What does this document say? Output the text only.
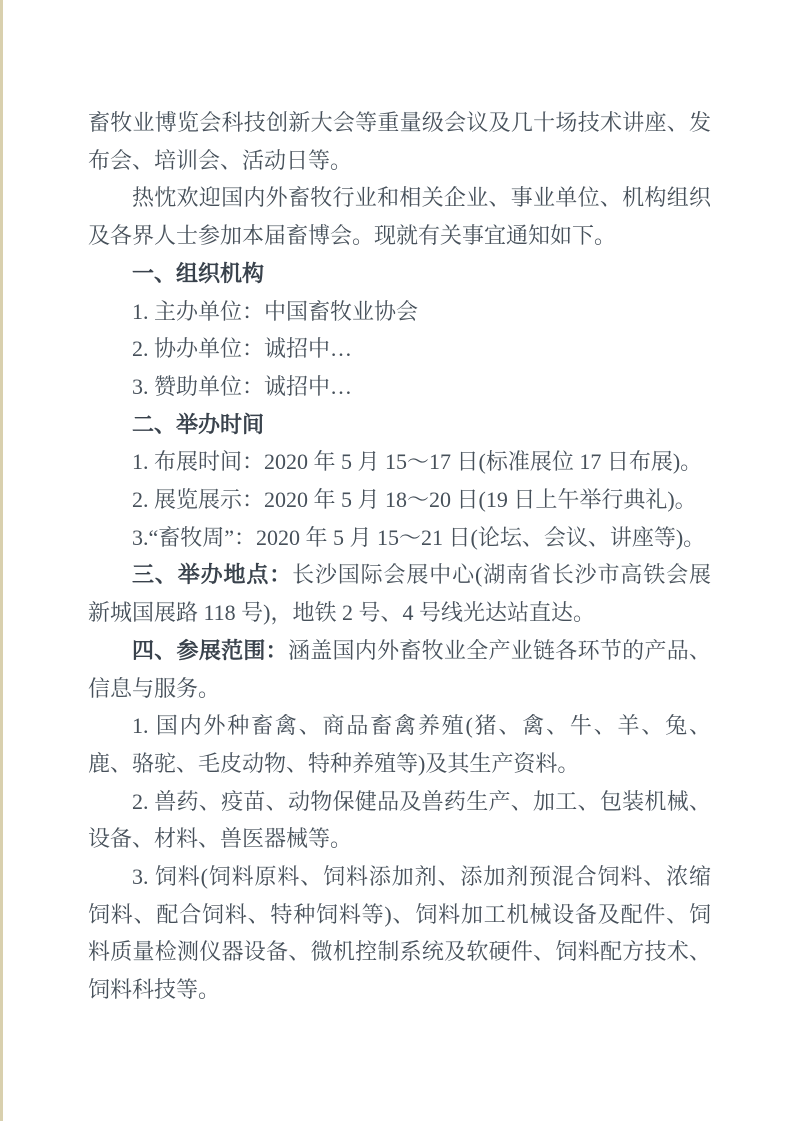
畜牧业博览会科技创新大会等重量级会议及几十场技术讲座、发布会、培训会、活动日等。

热忱欢迎国内外畜牧行业和相关企业、事业单位、机构组织及各界人士参加本届畜博会。现就有关事宜通知如下。

一、组织机构

1. 主办单位：中国畜牧业协会

2. 协办单位：诚招中…

3. 赞助单位：诚招中…

二、举办时间

1. 布展时间：2020 年 5 月 15～17 日(标准展位 17 日布展)。

2. 展览展示：2020 年 5 月 18～20 日(19 日上午举行典礼)。

3.“畜牧周”：2020 年 5 月 15～21 日(论坛、会议、讲座等)。

三、举办地点：长沙国际会展中心(湖南省长沙市高铁会展新城国展路 118 号)，地铁 2 号、4 号线光达站直达。

四、参展范围：涵盖国内外畜牧业全产业链各环节的产品、信息与服务。

1. 国内外种畜禽、商品畜禽养殖(猪、禽、牛、羊、兔、鹿、骆驼、毛皮动物、特种养殖等)及其生产资料。

2. 兽药、疫苗、动物保健品及兽药生产、加工、包装机械、设备、材料、兽医器械等。

3. 饲料(饲料原料、饲料添加剂、添加剂预混合饲料、浓缩饲料、配合饲料、特种饲料等)、饲料加工机械设备及配件、饲料质量检测仪器设备、微机控制系统及软硬件、饲料配方技术、饲料科技等。
